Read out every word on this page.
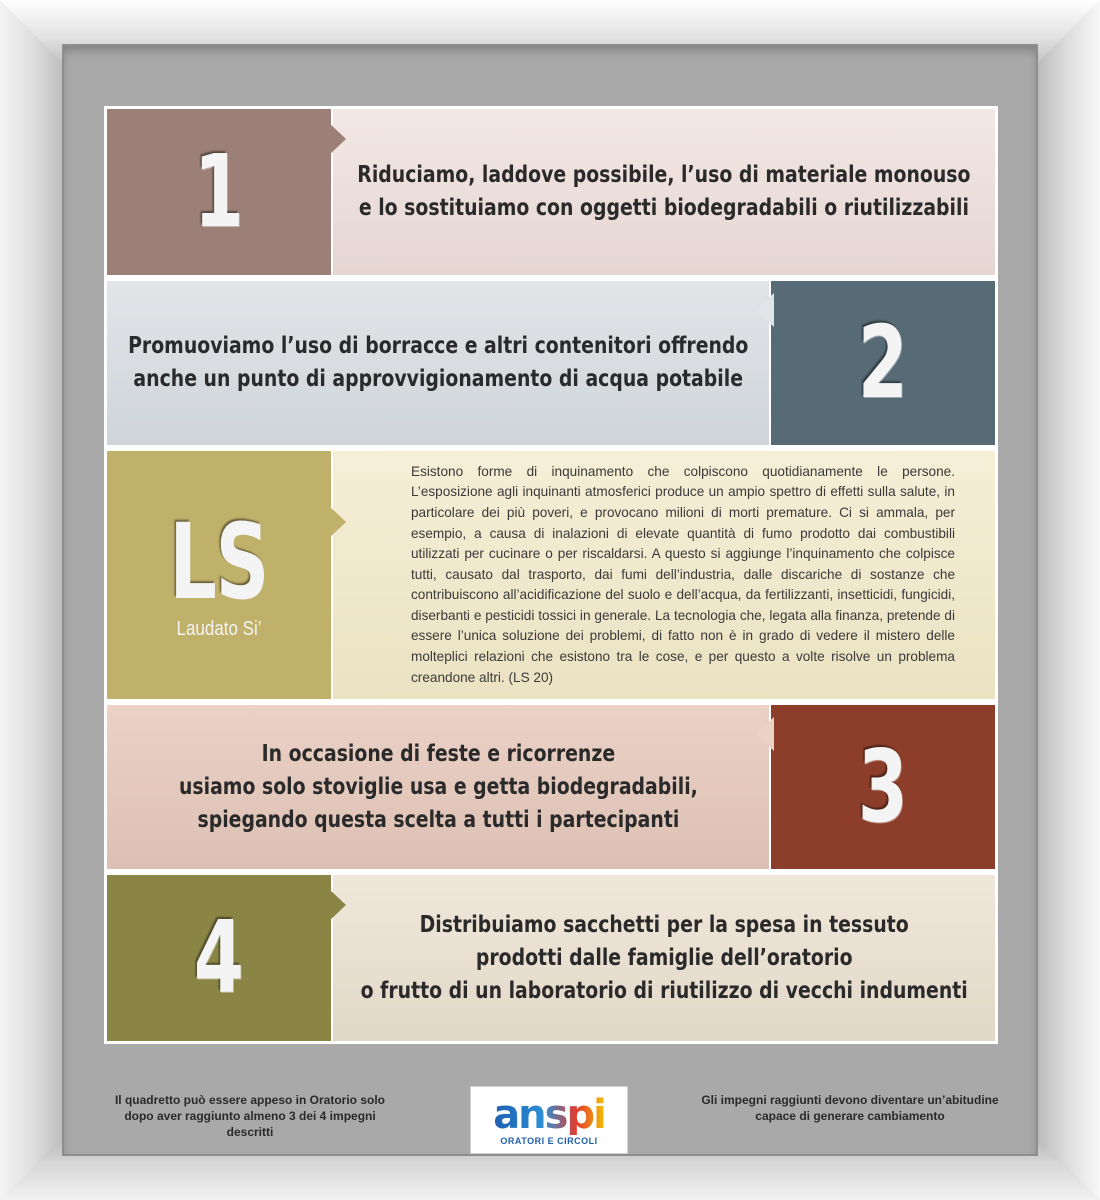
1	Riduciamo, laddove possibile, l’uso di materiale monouso
e lo sostituiamo con oggetti biodegradabili o riutilizzabili
Promuoviamo l’uso di borracce e altri contenitori offrendo
anche un punto di approvvigionamento di acqua potabile 2
LS
Laudato Si’

Esistono forme di inquinamento che colpiscono quotidianamente le persone. L’esposizione agli inquinanti atmosferici produce un ampio spettro di effetti sulla salute, in particolare dei più poveri, e provocano milioni di morti premature. Ci si ammala, per esempio, a causa di inalazioni di elevate quantità di fumo prodotto dai combustibili utilizzati per cucinare o per riscaldarsi. A questo si aggiunge l’inquinamento che colpisce tutti, causato dal trasporto, dai fumi dell’industria, dalle discariche di sostanze che contribuiscono all’acidificazione del suolo e dell’acqua, da fertilizzanti, insetticidi, fungicidi, diserbanti e pesticidi tossici in generale. La tecnologia che, legata alla finanza, pretende di essere l’unica soluzione dei problemi, di fatto non è in grado di vedere il mistero delle molteplici relazioni che esistono tra le cose, e per questo a volte risolve un problema creandone altri. (LS 20)

In occasione di feste e ricorrenze
usiamo solo stoviglie usa e getta biodegradabili,
spiegando questa scelta a tutti i partecipanti 3
4	Distribuiamo sacchetti per la spesa in tessuto
prodotti dalle famiglie dell’oratorio
o frutto di un laboratorio di riutilizzo di vecchi indumenti
Il quadretto può essere appeso in Oratorio solo
dopo aver raggiunto almeno 3 dei 4 impegni descritti	anspi
ORATORI E CIRCOLI
Gli impegni raggiunti devono diventare un’abitudine
capace di generare cambiamento
